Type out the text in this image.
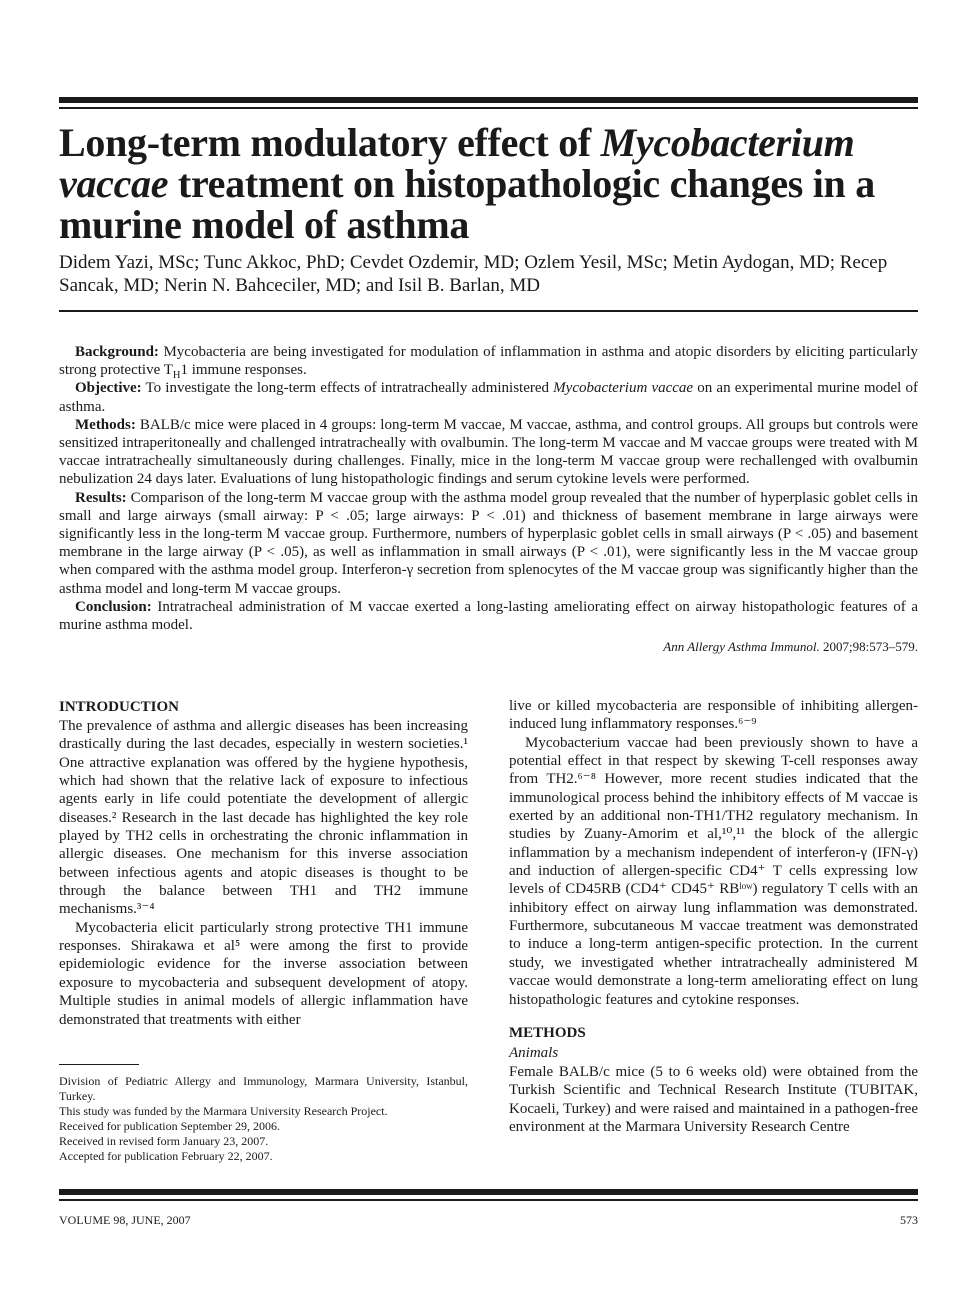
Long-term modulatory effect of Mycobacterium vaccae treatment on histopathologic changes in a murine model of asthma

Didem Yazi, MSc; Tunc Akkoc, PhD; Cevdet Ozdemir, MD; Ozlem Yesil, MSc; Metin Aydogan, MD; Recep Sancak, MD; Nerin N. Bahceciler, MD; and Isil B. Barlan, MD

Background: Mycobacteria are being investigated for modulation of inflammation in asthma and atopic disorders by eliciting particularly strong protective $T_H1$ immune responses.

Objective: To investigate the long-term effects of intratracheally administered Mycobacterium vaccae on an experimental murine model of asthma.

Methods: BALB/c mice were placed in 4 groups: long-term M vaccae, M vaccae, asthma, and control groups. All groups but controls were sensitized intraperitoneally and challenged intratracheally with ovalbumin. The long-term M vaccae and M vaccae groups were treated with M vaccae intratracheally simultaneously during challenges. Finally, mice in the long-term M vaccae group were rechallenged with ovalbumin nebulization 24 days later. Evaluations of lung histopathologic findings and serum cytokine levels were performed.

Results: Comparison of the long-term M vaccae group with the asthma model group revealed that the number of hyperplasic goblet cells in small and large airways (small airway: P < .05; large airways: P < .01) and thickness of basement membrane in large airways were significantly less in the long-term M vaccae group. Furthermore, numbers of hyperplasic goblet cells in small airways (P < .05) and basement membrane in the large airway (P < .05), as well as inflammation in small airways (P < .01), were significantly less in the M vaccae group when compared with the asthma model group. Interferon-γ secretion from splenocytes of the M vaccae group was significantly higher than the asthma model and long-term M vaccae groups.

Conclusion: Intratracheal administration of M vaccae exerted a long-lasting ameliorating effect on airway histopathologic features of a murine asthma model.

Ann Allergy Asthma Immunol. 2007;98:573–579.

INTRODUCTION

The prevalence of asthma and allergic diseases has been increasing drastically during the last decades, especially in western societies.¹ One attractive explanation was offered by the hygiene hypothesis, which had shown that the relative lack of exposure to infectious agents early in life could potentiate the development of allergic diseases.² Research in the last decade has highlighted the key role played by TH2 cells in orchestrating the chronic inflammation in allergic diseases. One mechanism for this inverse association between infectious agents and atopic diseases is thought to be through the balance between TH1 and TH2 immune mechanisms.³⁻⁴

Mycobacteria elicit particularly strong protective TH1 immune responses. Shirakawa et al⁵ were among the first to provide epidemiologic evidence for the inverse association between exposure to mycobacteria and subsequent development of atopy. Multiple studies in animal models of allergic inflammation have demonstrated that treatments with either

live or killed mycobacteria are responsible of inhibiting allergen-induced lung inflammatory responses.⁶⁻⁹

Mycobacterium vaccae had been previously shown to have a potential effect in that respect by skewing T-cell responses away from TH2.⁶⁻⁸ However, more recent studies indicated that the immunological process behind the inhibitory effects of M vaccae is exerted by an additional non-TH1/TH2 regulatory mechanism. In studies by Zuany-Amorim et al,¹⁰,¹¹ the block of the allergic inflammation by a mechanism independent of interferon-γ (IFN-γ) and induction of allergen-specific CD4⁺ T cells expressing low levels of CD45RB (CD4⁺ CD45⁺ RBˡᵒʷ) regulatory T cells with an inhibitory effect on airway lung inflammation was demonstrated. Furthermore, subcutaneous M vaccae treatment was demonstrated to induce a long-term antigen-specific protection. In the current study, we investigated whether intratracheally administered M vaccae would demonstrate a long-term ameliorating effect on lung histopathologic features and cytokine responses.

METHODS
Animals

Female BALB/c mice (5 to 6 weeks old) were obtained from the Turkish Scientific and Technical Research Institute (TUBITAK, Kocaeli, Turkey) and were raised and maintained in a pathogen-free environment at the Marmara University Research Centre

Division of Pediatric Allergy and Immunology, Marmara University, Istanbul, Turkey.

This study was funded by the Marmara University Research Project.

Received for publication September 29, 2006.

Received in revised form January 23, 2007.

Accepted for publication February 22, 2007.

VOLUME 98, JUNE, 2007	573
